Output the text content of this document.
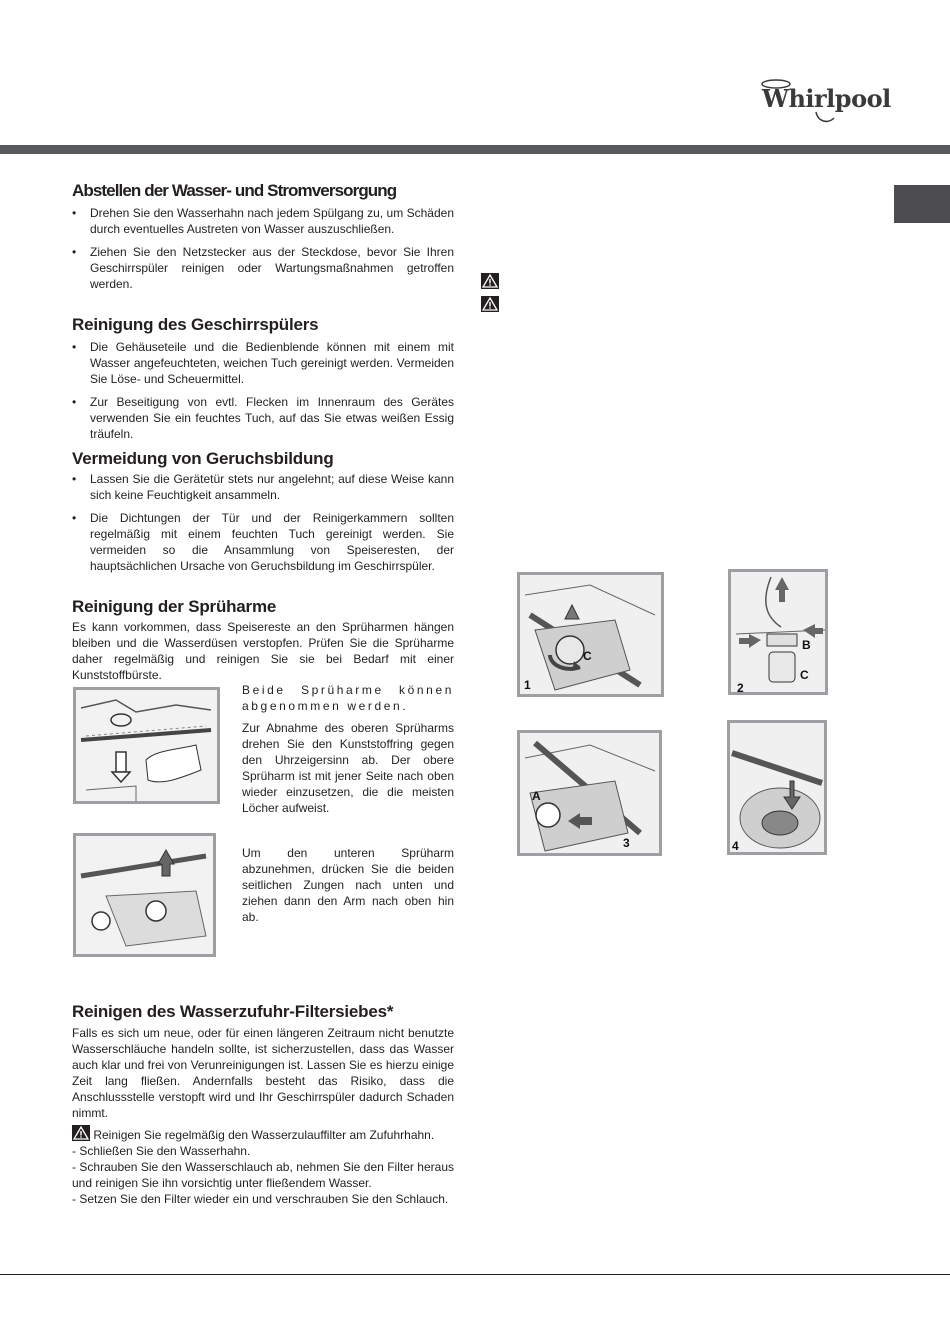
Whirlpool
Abstellen der Wasser- und Stromversorgung
• Drehen Sie den Wasserhahn nach jedem Spülgang zu, um Schäden durch eventuelles Austreten von Wasser auszuschließen.
• Ziehen Sie den Netzstecker aus der Steckdose, bevor Sie Ihren Geschirrspüler reinigen oder Wartungsmaßnahmen getroffen werden.
Reinigung des Geschirrspülers
• Die Gehäuseteile und die Bedienblende können mit einem mit Wasser angefeuchteten, weichen Tuch gereinigt werden. Vermeiden Sie Löse- und Scheuermittel.
• Zur Beseitigung von evtl. Flecken im Innenraum des Gerätes verwenden Sie ein feuchtes Tuch, auf das Sie etwas weißen Essig träufeln.
Vermeidung von Geruchsbildung
• Lassen Sie die Gerätetür stets nur angelehnt; auf diese Weise kann sich keine Feuchtigkeit ansammeln.
• Die Dichtungen der Tür und der Reinigerkammern sollten regelmäßig mit einem feuchten Tuch gereinigt werden. Sie vermeiden so die Ansammlung von Speiseresten, der hauptsächlichen Ursache von Geruchsbildung im Geschirrspüler.
Reinigung der Sprüharme

Es kann vorkommen, dass Speisereste an den Sprüharmen hängen bleiben und die Wasserdüsen verstopfen. Prüfen Sie die Sprüharme daher regelmäßig und reinigen Sie sie bei Bedarf mit einer Kunststoffbürste.

Beide Sprüharme können abgenommen werden.

Zur Abnahme des oberen Sprüharms drehen Sie den Kunststoffring gegen den Uhrzeigersinn ab. Der obere Sprüharm ist mit jener Seite nach oben wieder einzusetzen, die die meisten Löcher aufweist.

Um den unteren Sprüharm abzunehmen, drücken Sie die beiden seitlichen Zungen nach unten und ziehen dann den Arm nach oben hin ab.

Reinigen des Wasserzufuhr-Filtersiebes*

Falls es sich um neue, oder für einen längeren Zeitraum nicht benutzte Wasserschläuche handeln sollte, ist sicherzustellen, dass das Wasser auch klar und frei von Verunreinigungen ist. Lassen Sie es hierzu einige Zeit lang fließen. Andernfalls besteht das Risiko, dass die Anschlussstelle verstopft wird und Ihr Geschirrspüler dadurch Schaden nimmt.

Reinigen Sie regelmäßig den Wasserzulauffilter am Zufuhrhahn.

- Schließen Sie den Wasserhahn.

- Schrauben Sie den Wasserschlauch ab, nehmen Sie den Filter heraus und reinigen Sie ihn vorsichtig unter fließendem Wasser.

- Setzen Sie den Filter wieder ein und verschrauben Sie den Schlauch.

C
1
B
C
2
A
3	4
